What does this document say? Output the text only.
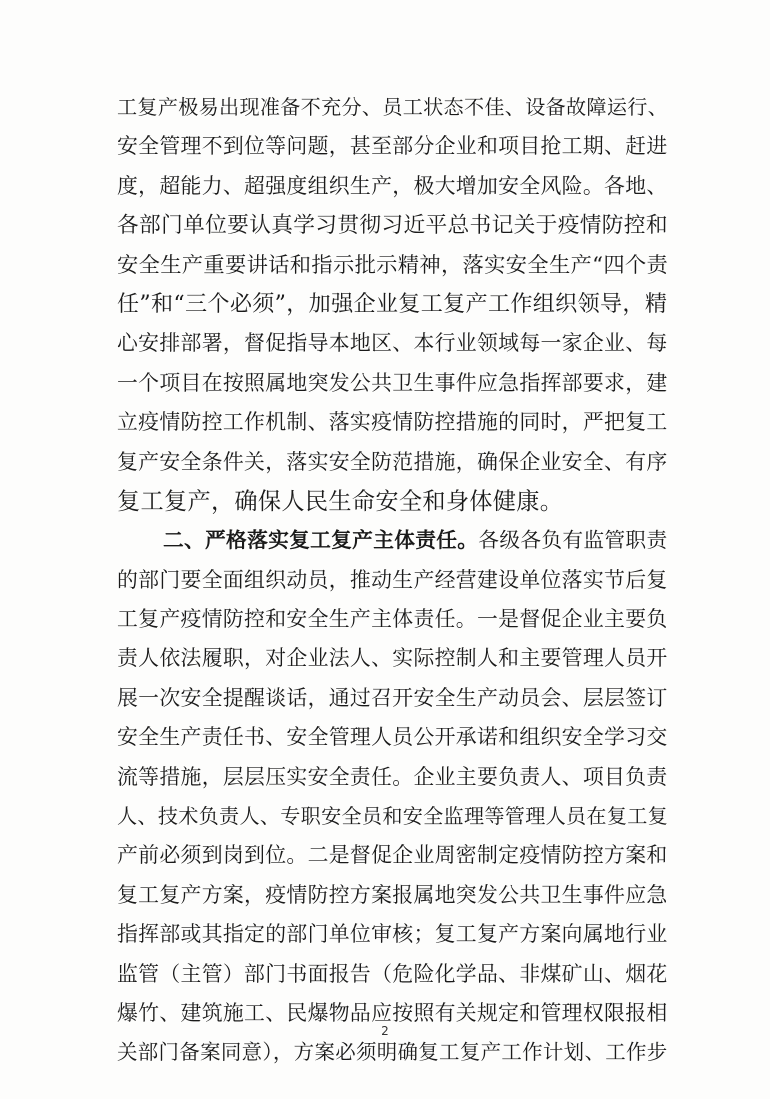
工复产极易出现准备不充分、员工状态不佳、设备故障运行、
安全管理不到位等问题，甚至部分企业和项目抢工期、赶进
度，超能力、超强度组织生产，极大增加安全风险。各地、
各部门单位要认真学习贯彻习近平总书记关于疫情防控和
安全生产重要讲话和指示批示精神，落实安全生产“四个责
任”和“三个必须”，加强企业复工复产工作组织领导，精
心安排部署，督促指导本地区、本行业领域每一家企业、每
一个项目在按照属地突发公共卫生事件应急指挥部要求，建
立疫情防控工作机制、落实疫情防控措施的同时，严把复工
复产安全条件关，落实安全防范措施，确保企业安全、有序
复工复产，确保人民生命安全和身体健康。
二、严格落实复工复产主体责任。各级各负有监管职责
的部门要全面组织动员，推动生产经营建设单位落实节后复
工复产疫情防控和安全生产主体责任。一是督促企业主要负
责人依法履职，对企业法人、实际控制人和主要管理人员开
展一次安全提醒谈话，通过召开安全生产动员会、层层签订
安全生产责任书、安全管理人员公开承诺和组织安全学习交
流等措施，层层压实安全责任。企业主要负责人、项目负责
人、技术负责人、专职安全员和安全监理等管理人员在复工复
产前必须到岗到位。二是督促企业周密制定疫情防控方案和
复工复产方案，疫情防控方案报属地突发公共卫生事件应急
指挥部或其指定的部门单位审核；复工复产方案向属地行业
监管（主管）部门书面报告（危险化学品、非煤矿山、烟花
爆竹、建筑施工、民爆物品应按照有关规定和管理权限报相
关部门备案同意），方案必须明确复工复产工作计划、工作步
2
